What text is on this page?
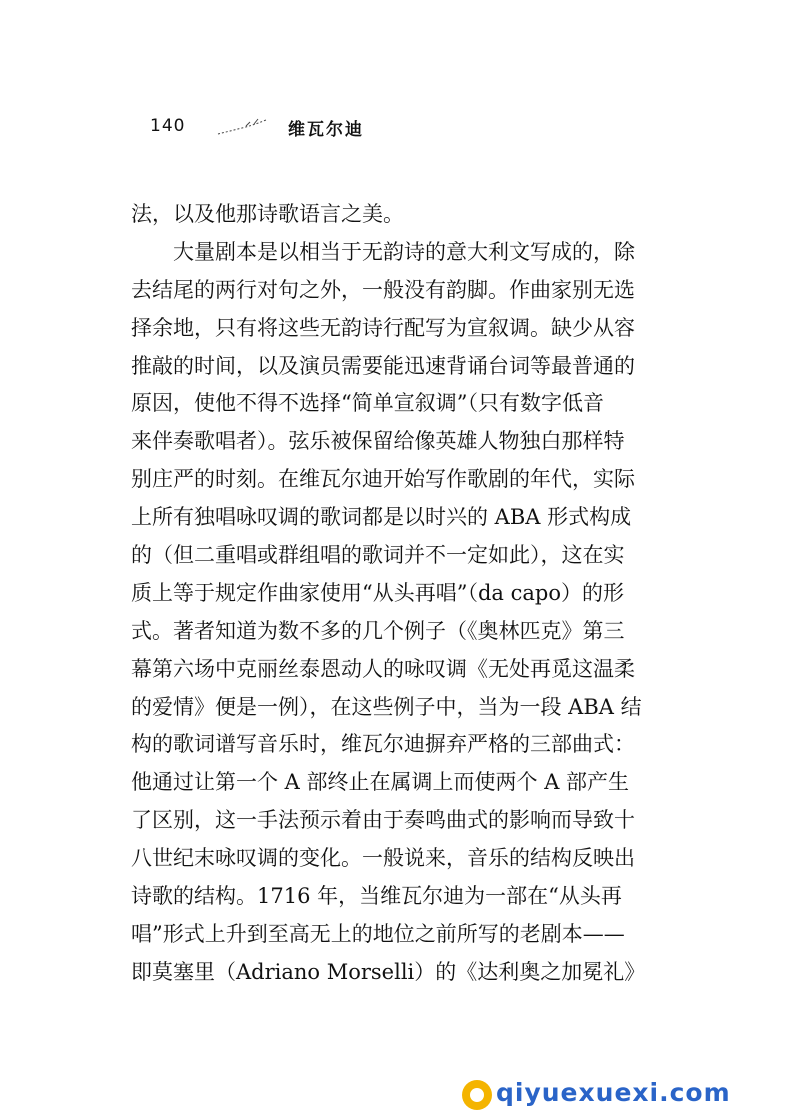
140	维瓦尔迪
法，以及他那诗歌语言之美。
　　大量剧本是以相当于无韵诗的意大利文写成的，除
去结尾的两行对句之外，一般没有韵脚。作曲家别无选
择余地，只有将这些无韵诗行配写为宣叙调。缺少从容
推敲的时间，以及演员需要能迅速背诵台词等最普通的
原因，使他不得不选择“简单宣叙调”（只有数字低音
来伴奏歌唱者）。弦乐被保留给像英雄人物独白那样特
别庄严的时刻。在维瓦尔迪开始写作歌剧的年代，实际
上所有独唱咏叹调的歌词都是以时兴的 ABA 形式构成
的（但二重唱或群组唱的歌词并不一定如此），这在实
质上等于规定作曲家使用“从头再唱”（da capo）的形
式。著者知道为数不多的几个例子（《奥林匹克》第三
幕第六场中克丽丝泰恩动人的咏叹调《无处再觅这温柔
的爱情》便是一例），在这些例子中，当为一段 ABA 结
构的歌词谱写音乐时，维瓦尔迪摒弃严格的三部曲式：
他通过让第一个 A 部终止在属调上而使两个 A 部产生
了区别，这一手法预示着由于奏鸣曲式的影响而导致十
八世纪末咏叹调的变化。一般说来，音乐的结构反映出
诗歌的结构。1716 年，当维瓦尔迪为一部在“从头再
唱”形式上升到至高无上的地位之前所写的老剧本——
即莫塞里（Adriano Morselli）的《达利奥之加冕礼》
qiyuexuexi.com
